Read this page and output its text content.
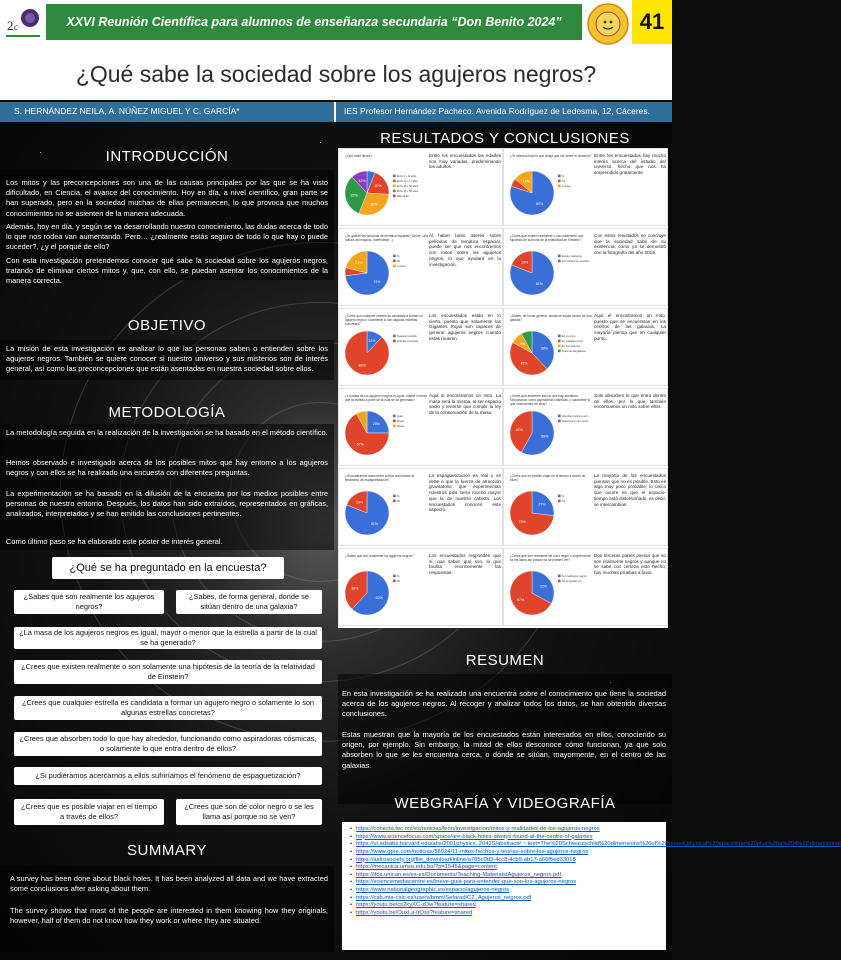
2 c	XXVI Reunión Científica para alumnos de enseñanza secundaria “Don Benito 2024”	41
¿Qué sabe la sociedad sobre los agujeros negros?
S. HERNÁNDEZ NEILA, A. NÚÑEZ MIGUEL Y C. GARCÍA*	IES Profesor Hernández Pacheco. Avenida Rodríguez de Ledesma, 12, Cáceres.
INTRODUCCIÓN

Los mitos y las preconcepciones son una de las causas principales por las que se ha visto dificultado, en Ciencia, el avance del conocimiento. Hoy en día, a nivel científico, gran parte se han superado, pero en la sociedad muchas de ellas permanecen, lo que provoca que muchos conocimientos no se asienten de la manera adecuada.

Además, hoy en día, y según se va desarrollando nuestro conocimiento, las dudas acerca de todo lo que nos rodea van aumentando. Pero… ¿realmente estás seguro de todo lo que hay o puede suceder?, ¿y el porqué de ello?

Con esta investigación pretendemos conocer qué sabe la sociedad sobre los agujeros negros, tratando de eliminar ciertos mitos y, que, con ello, se puedan asentar los conocimientos de la manera correcta.

OBJETIVO

La misión de esta investigación es analizar lo que las personas saben o entienden sobre los agujeros negros. También se quiere conocer si nuestro universo y sus misterios son de interés general, así como las preconcepciones que están asentadas en nuestra sociedad sobre ellos.

METODOLOGÍA

La metodología seguida en la realización de la investigación se ha basado en el método científico.

Hemos observado e investigado acerca de los posibles mitos que hay entorno a los agujeros negros y con ellos se ha realizado una encuesta con diferentes preguntas.

La experimentación se ha basado en la difusión de la encuesta por los medios posibles entre personas de nuestro entorno. Después, los datos han sido extraídos, representados en gráficas, analizados, interpretados y se han emitido las conclusiones pertinentes.

Como último paso se ha elaborado este póster de interés general.

¿Qué se ha preguntado en la encuesta?
¿Sabes qué son realmente los agujeros negros?
¿Sabes, de forma general, donde se sitúan dentro de una galaxia?
¿La masa de los agujeros negros es igual, mayor o menor que la estrella a partir de la cual se ha generado?
¿Crees que existen realmente o son solamente una hipótesis de la teoría de la relatividad de Einstein?
¿Crees que cualquier estrella es candidata a formar un agujero negro o solamente lo son algunas estrellas concretas?
¿Crees que absorben todo lo que hay alrededor, funcionando como aspiradoras cósmicas, o solamente lo que entra dentro de ellos?
¿Si pudiéramos acercarnos a ellos sufriríamos el fenómeno de espaguetización?
¿Crees que es posible viajar en el tiempo a través de ellos?
¿Crees que son de color negro o se les llama así porque no se ven?
SUMMARY

A survey has been done about black holes. It has been analyzed all data and we have extracted some conclusions after asking about them.

The survey shows that most of the people are interested in them knowing how they originals, however, half of them do not know how they work or where they are situated.

RESULTADOS Y CONCLUSIONES
¿Qué edad tienes?
20%
30%
32%
12%
Entre 0 y 11 años
Entre 12 y 17 años
Entre 18 y 40 años
Entre 40 y 60 años
Más de 60
Entre los encuestados las edades son muy variadas, predominando los adultos.
¿Te interesa todo lo que tenga que ver sobre el universo?
80%
14%
Sí
No
A veces
Entre los encuestados hay mucho interés acerca del estudio del universo, hecho que nos ha sorprendido gratamente.
¿Te gustan las películas de temática espacial? (Dune, Una odisea del espacio, Interestelar...)
73%
21%
Sí
No
A veces
Al haber tanto interés sobre películas de temática espacial, puede ser que nos encontremos con mitos sobre los agujeros negros, lo que ayudará en la investigación.
¿Crees que existen realmente o son solamente una hipótesis de la teoría de la relatividad de Einstein?
81%
19%
Existen realmente
Son solamente una hipó…
Con estos resultados se concluye que la sociedad sabe de su existencia, como ya se demostró con la fotografía del año 2019.
¿Crees que cualquier estrella es candidata a formar un agujero negro o solamente lo son algunas estrellas concretas?
12%
88%
Cualquier estrella
Estrellas concretas
Los encuestados están en lo cierto, puesto que solamente las Gigantes Rojas son capaces de generar agujeros negros cuando estas mueren.
¿Sabes, de forma general, donde se sitúan dentro de una galaxia?
38%
45%
9%
En el centro
En cualquier punto
En los extremos
Fuera de las galaxias
Aquí el encontramos un mito, puesto que se encuentran en los centros de las galaxias. La mayoría piensa que en cualquier punto.
¿La masa de los agujeros negros es igual, mayor o menor que la estrella a partir de la cual se ha generado?
25%
67%
Igual
Mayor
Menor
Aquí sí encontramos un mito. La masa será la misma, al ser espacio vacío y tenerse que cumplir la ley de la conservación de la masa.
¿Crees que absorben todo lo que hay alrededor, funcionando como aspiradoras cósmicas, o solamente lo que entra dentro de ellos?
58%
42%
Absorben todo lo que h…
Solamente lo que entra…
Solo absorben lo que entra dentro de ellos, por lo que también encontramos un mito sobre ellos.
¿Si pudiéramos acercarnos a ellos sufriríamos el fenómeno de espaguetización?
81%
19%
Sí
No
La espaguetización es real y se debe a que la fuerza de atracción gravitatoria que experimentan nuestros pies sería mucho mayor que la de nuestra cabeza. Los encuestados conocen este aspecto.
¿Crees que es posible viajar en el tiempo a través de ellos?
27%
73%
Sí
No
La mayoría de los encuestados piensan que no es posible. Esto es algo muy poco probable, lo único que ocurre es que el espacio-tiempo está distorsionado, es decir, se intercambian.
¿Sabes qué son realmente los agujeros negros?
62%
38%
Sí
No
Los encuestados responden que sí, que saben qué son, lo que facilita enormemente las respuestas.
¿Crees que son realmente de color negro o simplemente se les llama así porque no se pueden ver?
33%
67%
Son realmente negros
No se pueden ver
Dos terceras partes piensa que no son realmente negros y aunque no se sabe con certeza este hecho, hay muchas pruebas a favor.
RESUMEN

En esta investigación se ha realizado una encuentra sobre el conocimiento que tiene la sociedad acerca de los agujeros negros. Al recoger y analizar todos los datos, se han obtenido diversas conclusiones.

Estas muestran que la mayoría de los encuestados están interesados en ellos, conociendo su origen, por ejemplo. Sin embargo, la mitad de ellos desconoce cómo funcionan, ya que solo absorben lo que se les encuentra cerca, o dónde se sitúan, mayormente, en el centro de las galaxias.

WEBGRAFÍA Y VIDEOGRAFÍA
• https://conecta.tec.mx/es/noticias/leon/investigacion/mitos-y-realidades-de-los-agujeros-negros
• https://www.sciencefocus.com/space/are-black-holes-always-found-at-the-centre-of-galaxies
• https://ui.adsabs.harvard.edu/abs/2001physics..2042S/abstract#:~:text=The%20Schwarzschild%20dimensions%20of%20closed,physical%20spacetime%20plus%20a%204%2Ddimensional
• https://www.gpre.com/noticias/58924/11-mitos-hechos-y-teorias-sobre-los-agujeros-negros
• https://astrosociety.org/file_download/inline/a785c0d3-4cc8-4cb9-ab17-a66f5ed33018
• https://mecanica.umsa.edu.bo/?p=1545&page=content
• https://ifca.unican.es/es-es/Documents/Teaching-Materials/Agujeros_negros.pdf
• https://sciencemediacentre.es/breve-guia-para-entender-que-son-los-agujeros-negros
• https://www.nationalgeographic.es/espacio/agujeros-negros
• https://cab.inta-csic.es/users/bmm/Sefarad/C2_Agujeros_negros.pdf
• https://youtu.be/cs2kyXC-zDw?feature=shared
• https://youtu.be/OuxLa-lrOss?feature=shared
